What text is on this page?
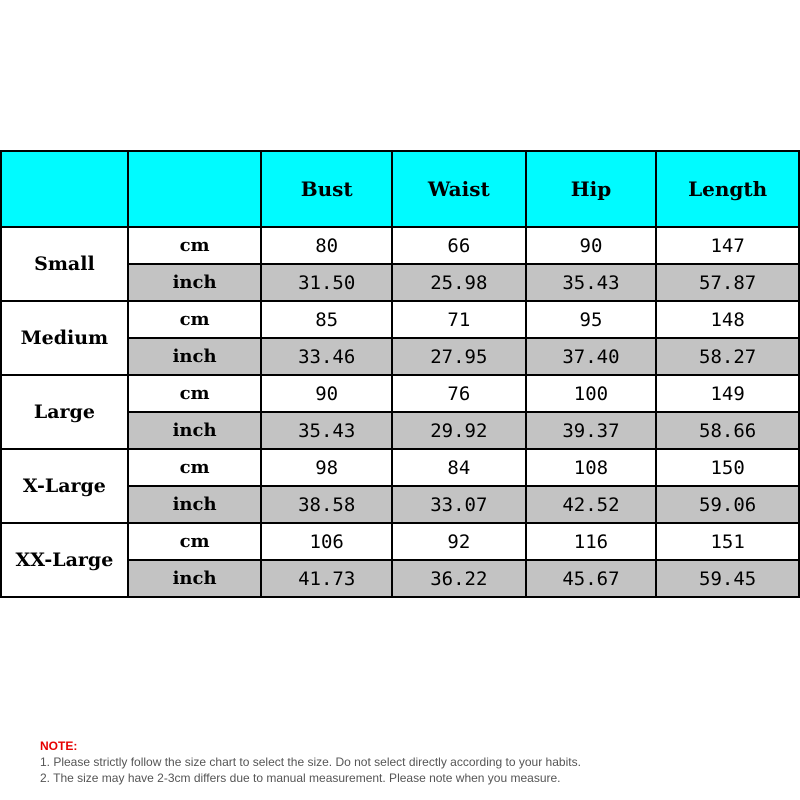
		Bust	Waist	Hip	Length
Small	cm	80	66	90	147
	inch	31.50	25.98	35.43	57.87
Medium	cm	85	71	95	148
	inch	33.46	27.95	37.40	58.27
Large	cm	90	76	100	149
	inch	35.43	29.92	39.37	58.66
X-Large	cm	98	84	108	150
	inch	38.58	33.07	42.52	59.06
XX-Large	cm	106	92	116	151
	inch	41.73	36.22	45.67	59.45
NOTE:
1. Please strictly follow the size chart to select the size. Do not select directly according to your habits.
2. The size may have 2-3cm differs due to manual measurement. Please note when you measure.
